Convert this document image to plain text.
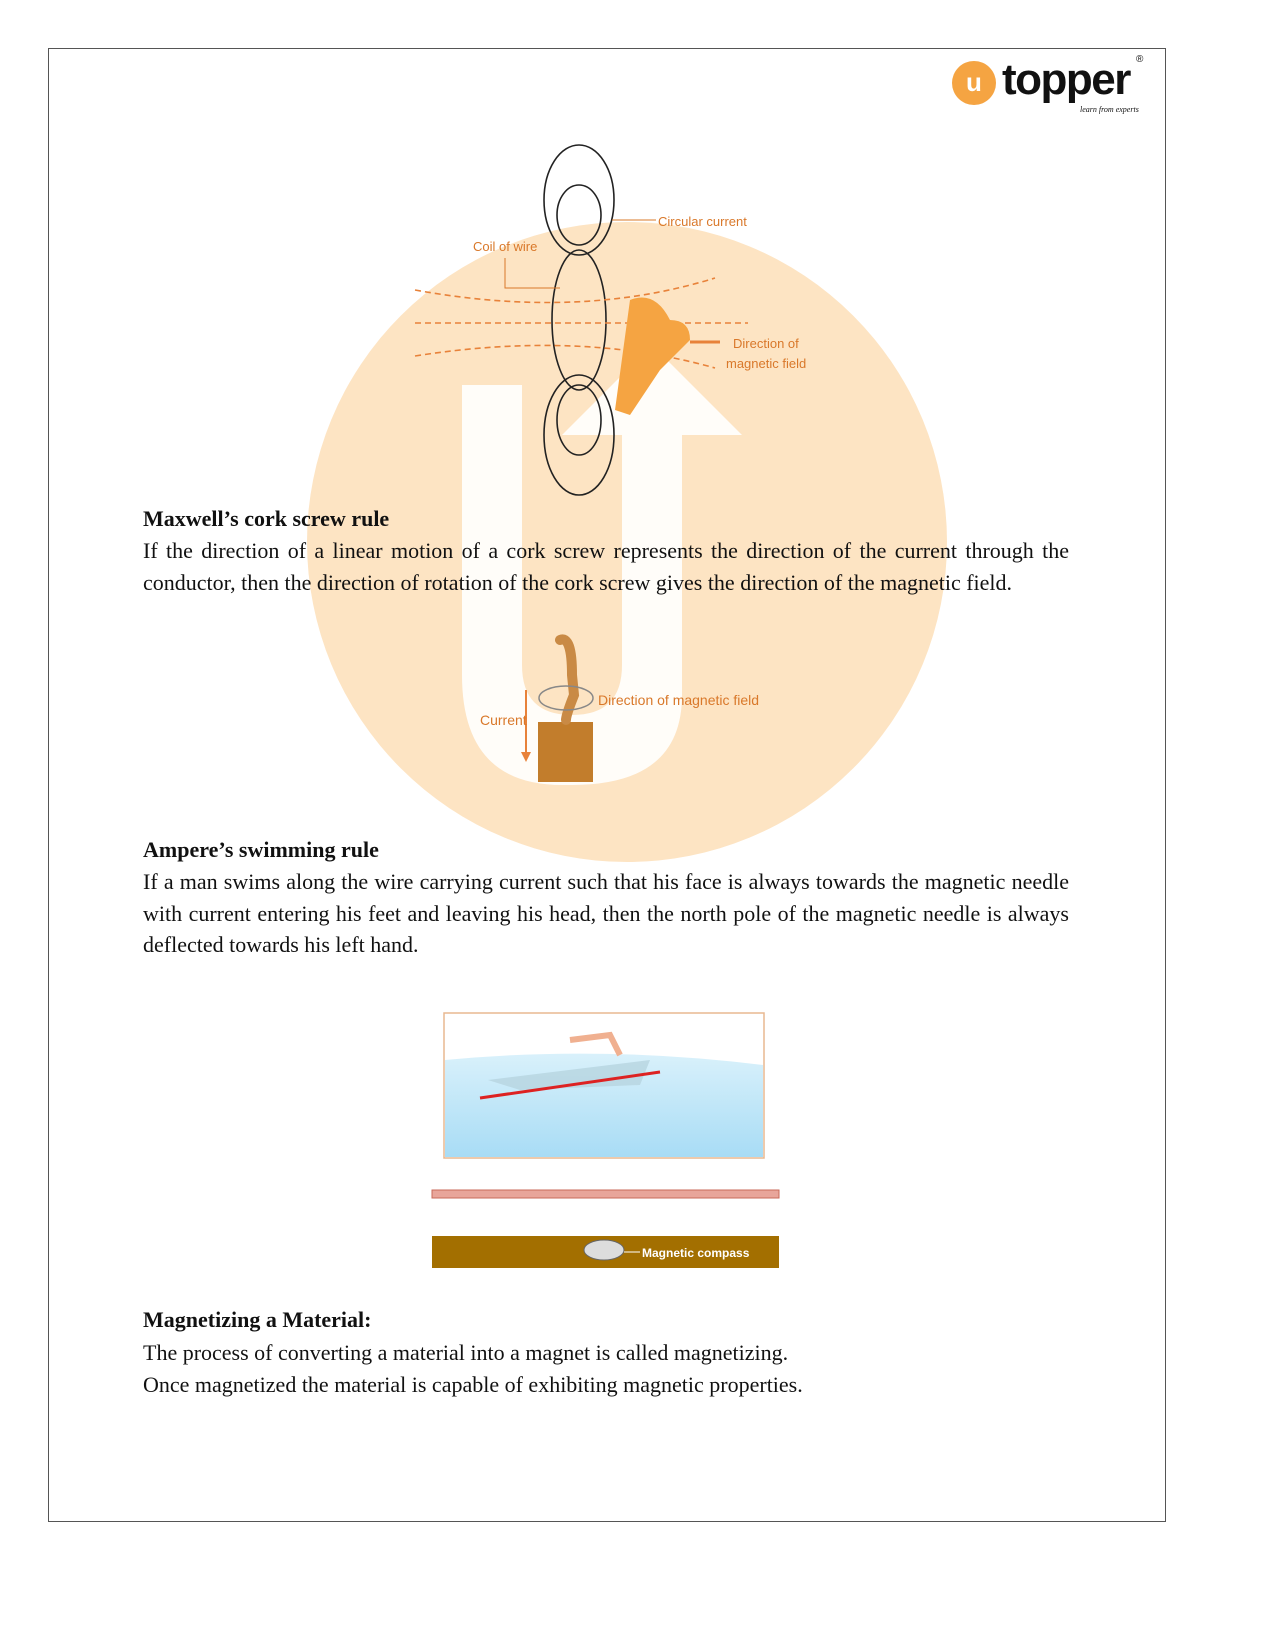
u topper ®
learn from experts
Circular current
Coil of wire
Direction of
magnetic field
Maxwell’s cork screw rule
If the direction of a linear motion of a cork screw represents the direction of the current through the conductor, then the direction of rotation of the cork screw gives the direction of the magnetic field.
Current
Direction of magnetic field
Ampere’s swimming rule
If a man swims along the wire carrying current such that his face is always towards the magnetic needle with current entering his feet and leaving his head, then the north pole of the magnetic needle is always deflected towards his left hand.
Magnetic compass
Magnetizing a Material:
The process of converting a material into a magnet is called magnetizing.
Once magnetized the material is capable of exhibiting magnetic properties.
